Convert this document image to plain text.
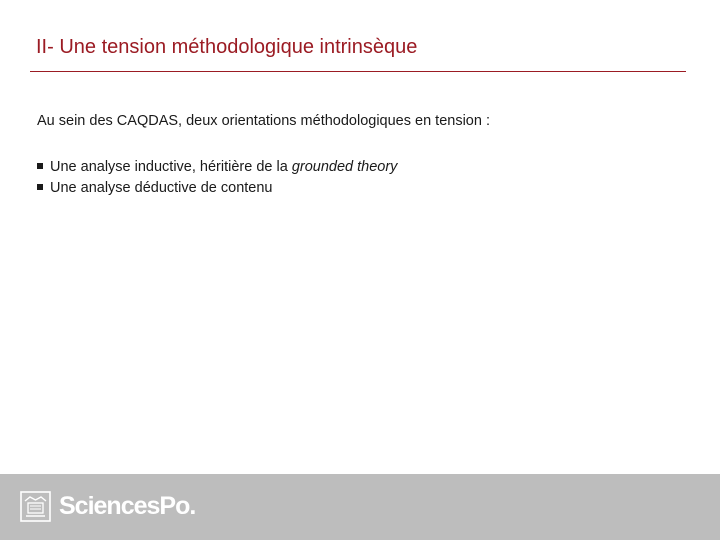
II- Une tension méthodologique intrinsèque
Au sein des CAQDAS, deux orientations méthodologiques en tension :
Une analyse inductive, héritière de la grounded theory
Une analyse déductive de contenu
SciencesPo.
